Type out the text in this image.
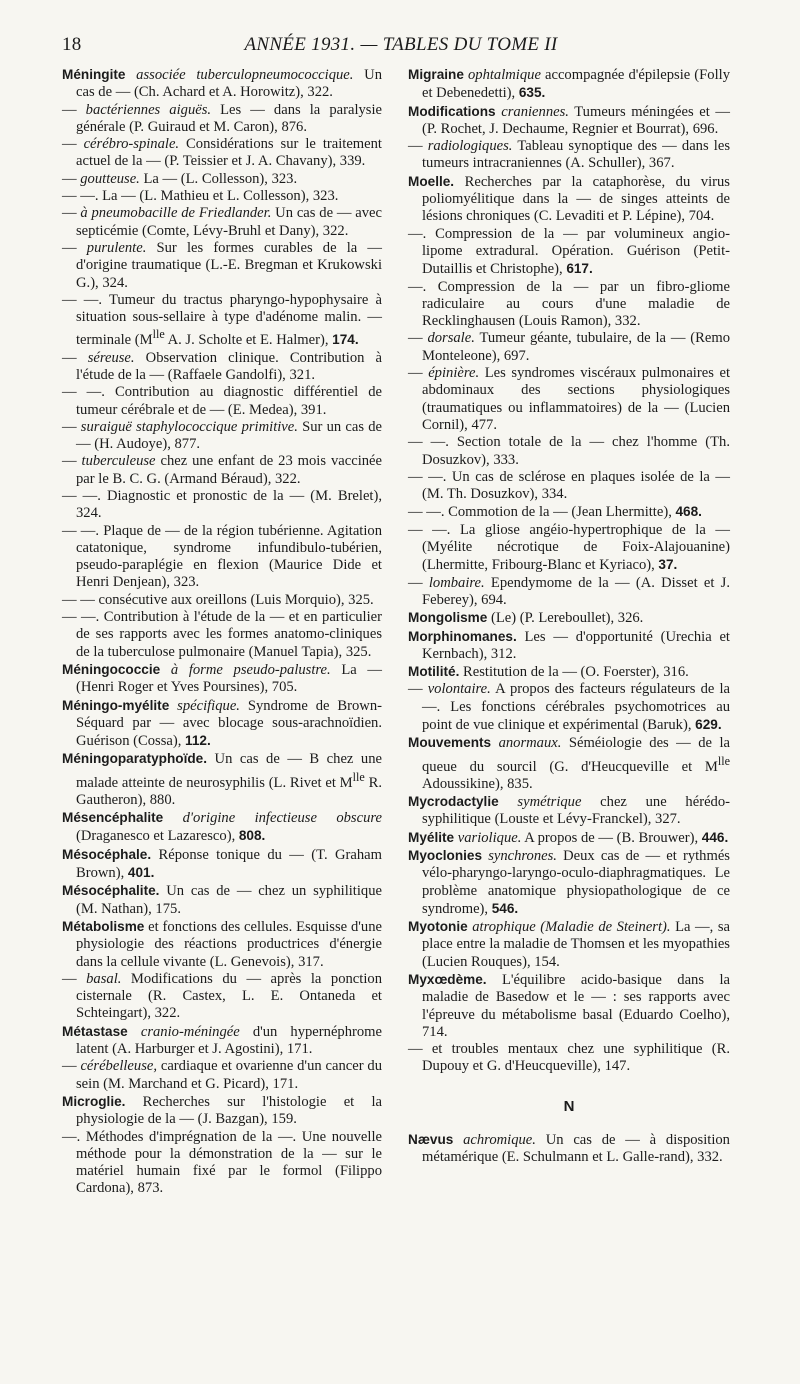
18	ANNÉE 1931. — TABLES DU TOME II
Méningite associée tuberculopneumococcique. Un cas de — (Ch. Achard et A. Horowitz), 322.
— bactériennes aiguës. Les — dans la paralysie générale (P. Guiraud et M. Caron), 876.
— cérébro-spinale. Considérations sur le traitement actuel de la — (P. Teissier et J. A. Chavany), 339.
— goutteuse. La — (L. Collesson), 323.
— —. La — (L. Mathieu et L. Collesson), 323.
— à pneumobacille de Friedlander. Un cas de — avec septicémie (Comte, Lévy-Bruhl et Dany), 322.
— purulente. Sur les formes curables de la — d'origine traumatique (L.-E. Bregman et Krukowski G.), 324.
— —. Tumeur du tractus pharyngo-hypophysaire à situation sous-sellaire à type d'adénome malin. — terminale ($M^{lle}$ A. J. Scholte et E. Halmer), 174.
— séreuse. Observation clinique. Contribution à l'étude de la — (Raffaele Gandolfi), 321.
— —. Contribution au diagnostic différentiel de tumeur cérébrale et de — (E. Medea), 391.
— suraiguë staphylococcique primitive. Sur un cas de — (H. Audoye), 877.
— tuberculeuse chez une enfant de 23 mois vaccinée par le B. C. G. (Armand Béraud), 322.
— —. Diagnostic et pronostic de la — (M. Brelet), 324.
— —. Plaque de — de la région tubérienne. Agitation catatonique, syndrome infundibulo-tubérien, pseudo-paraplégie en flexion (Maurice Dide et Henri Denjean), 323.
— — consécutive aux oreillons (Luis Morquio), 325.
— —. Contribution à l'étude de la — et en particulier de ses rapports avec les formes anatomo-cliniques de la tuberculose pulmonaire (Manuel Tapia), 325.
Méningococcie à forme pseudo-palustre. La — (Henri Roger et Yves Poursines), 705.
Méningo-myélite spécifique. Syndrome de Brown-Séquard par — avec blocage sous-arachnoïdien. Guérison (Cossa), 112.
Méningoparatyphoïde. Un cas de — B chez une malade atteinte de neurosyphilis (L. Rivet et $M^{lle}$ R. Gautheron), 880.
Mésencéphalite d'origine infectieuse obscure (Draganesco et Lazaresco), 808.
Mésocéphale. Réponse tonique du — (T. Graham Brown), 401.
Mésocéphalite. Un cas de — chez un syphilitique (M. Nathan), 175.
Métabolisme et fonctions des cellules. Esquisse d'une physiologie des réactions productrices d'énergie dans la cellule vivante (L. Genevois), 317.
— basal. Modifications du — après la ponction cisternale (R. Castex, L. E. Ontaneda et Schteingart), 322.
Métastase cranio-méningée d'un hypernéphrome latent (A. Harburger et J. Agostini), 171.
— cérébelleuse, cardiaque et ovarienne d'un cancer du sein (M. Marchand et G. Picard), 171.
Microglie. Recherches sur l'histologie et la physiologie de la — (J. Bazgan), 159.
—. Méthodes d'imprégnation de la —. Une nouvelle méthode pour la démonstration de la — sur le matériel humain fixé par le formol (Filippo Cardona), 873.
Migraine ophtalmique accompagnée d'épilepsie (Folly et Debenedetti), 635.
Modifications craniennes. Tumeurs méningées et — (P. Rochet, J. Dechaume, Regnier et Bourrat), 696.
— radiologiques. Tableau synoptique des — dans les tumeurs intracraniennes (A. Schuller), 367.
Moelle. Recherches par la cataphorèse, du virus poliomyélitique dans la — de singes atteints de lésions chroniques (C. Levaditi et P. Lépine), 704.
—. Compression de la — par volumineux angio-lipome extradural. Opération. Guérison (Petit-Dutaillis et Christophe), 617.
—. Compression de la — par un fibro-gliome radiculaire au cours d'une maladie de Recklinghausen (Louis Ramon), 332.
— dorsale. Tumeur géante, tubulaire, de la — (Remo Monteleone), 697.
— épinière. Les syndromes viscéraux pulmonaires et abdominaux des sections physiologiques (traumatiques ou inflammatoires) de la — (Lucien Cornil), 477.
— —. Section totale de la — chez l'homme (Th. Dosuzkov), 333.
— —. Un cas de sclérose en plaques isolée de la — (M. Th. Dosuzkov), 334.
— —. Commotion de la — (Jean Lhermitte), 468.
— —. La gliose angéio-hypertrophique de la — (Myélite nécrotique de Foix-Alajouanine) (Lhermitte, Fribourg-Blanc et Kyriaco), 37.
— lombaire. Ependymome de la — (A. Disset et J. Feberey), 694.
Mongolisme (Le) (P. Lereboullet), 326.
Morphinomanes. Les — d'opportunité (Urechia et Kernbach), 312.
Motilité. Restitution de la — (O. Foerster), 316.
— volontaire. A propos des facteurs régulateurs de la —. Les fonctions cérébrales psychomotrices au point de vue clinique et expérimental (Baruk), 629.
Mouvements anormaux. Séméiologie des — de la queue du sourcil (G. d'Heucqueville et $M^{lle}$ Adoussikine), 835.
Mycrodactylie symétrique chez une hérédo-syphilitique (Louste et Lévy-Franckel), 327.
Myélite variolique. A propos de — (B. Brouwer), 446.
Myoclonies synchrones. Deux cas de — et rythmés vélo-pharyngo-laryngo-oculo-diaphragmatiques. Le problème anatomique physiopathologique de ce syndrome), 546.
Myotonie atrophique (Maladie de Steinert). La —, sa place entre la maladie de Thomsen et les myopathies (Lucien Rouques), 154.
Myxœdème. L'équilibre acido-basique dans la maladie de Basedow et le — : ses rapports avec l'épreuve du métabolisme basal (Eduardo Coelho), 714.
— et troubles mentaux chez une syphilitique (R. Dupouy et G. d'Heucqueville), 147.
N
Nævus achromique. Un cas de — à disposition métamérique (E. Schulmann et L. Galle-rand), 332.
